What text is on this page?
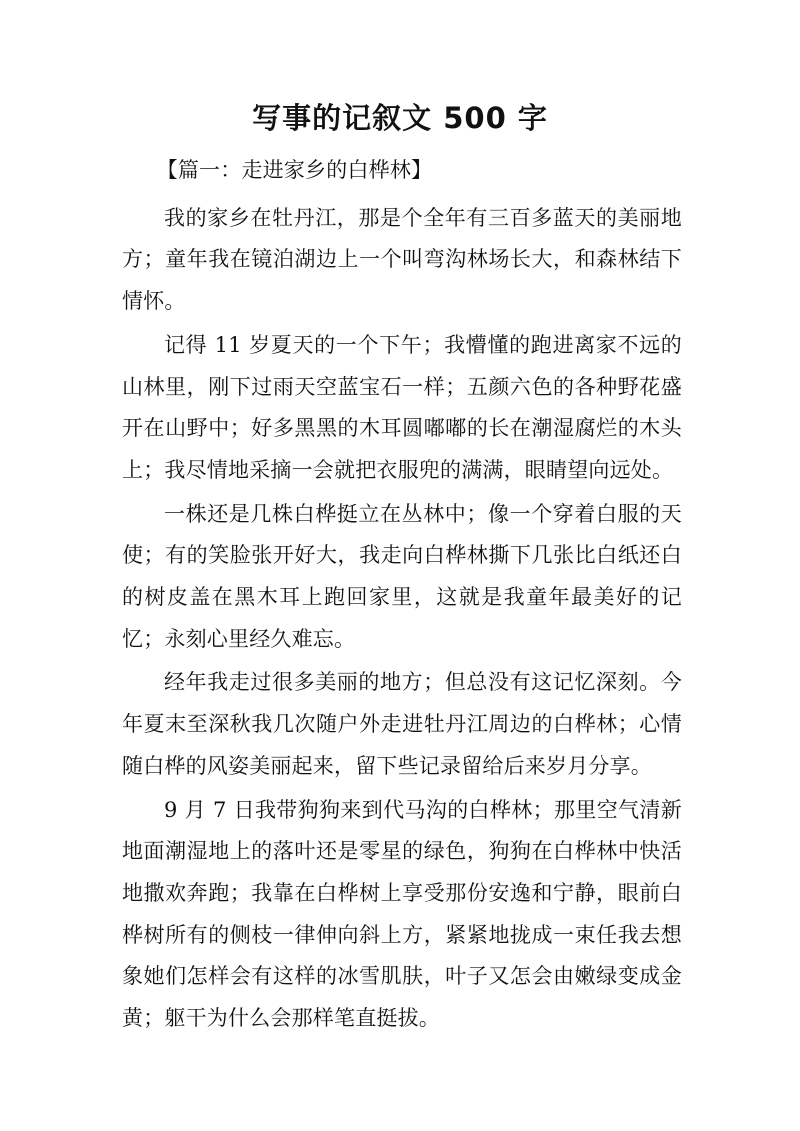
写事的记叙文 500 字

【篇一：走进家乡的白桦林】

我的家乡在牡丹江，那是个全年有三百多蓝天的美丽地方；童年我在镜泊湖边上一个叫弯沟林场长大，和森林结下情怀。

记得 11 岁夏天的一个下午；我懵懂的跑进离家不远的山林里，刚下过雨天空蓝宝石一样；五颜六色的各种野花盛开在山野中；好多黑黑的木耳圆嘟嘟的长在潮湿腐烂的木头上；我尽情地采摘一会就把衣服兜的满满，眼睛望向远处。

一株还是几株白桦挺立在丛林中；像一个穿着白服的天使；有的笑脸张开好大，我走向白桦林撕下几张比白纸还白的树皮盖在黑木耳上跑回家里，这就是我童年最美好的记忆；永刻心里经久难忘。

经年我走过很多美丽的地方；但总没有这记忆深刻。今年夏末至深秋我几次随户外走进牡丹江周边的白桦林；心情随白桦的风姿美丽起来，留下些记录留给后来岁月分享。

9 月 7 日我带狗狗来到代马沟的白桦林；那里空气清新地面潮湿地上的落叶还是零星的绿色，狗狗在白桦林中快活地撒欢奔跑；我靠在白桦树上享受那份安逸和宁静，眼前白桦树所有的侧枝一律伸向斜上方，紧紧地拢成一束任我去想象她们怎样会有这样的冰雪肌肤，叶子又怎会由嫩绿变成金黄；躯干为什么会那样笔直挺拔。
